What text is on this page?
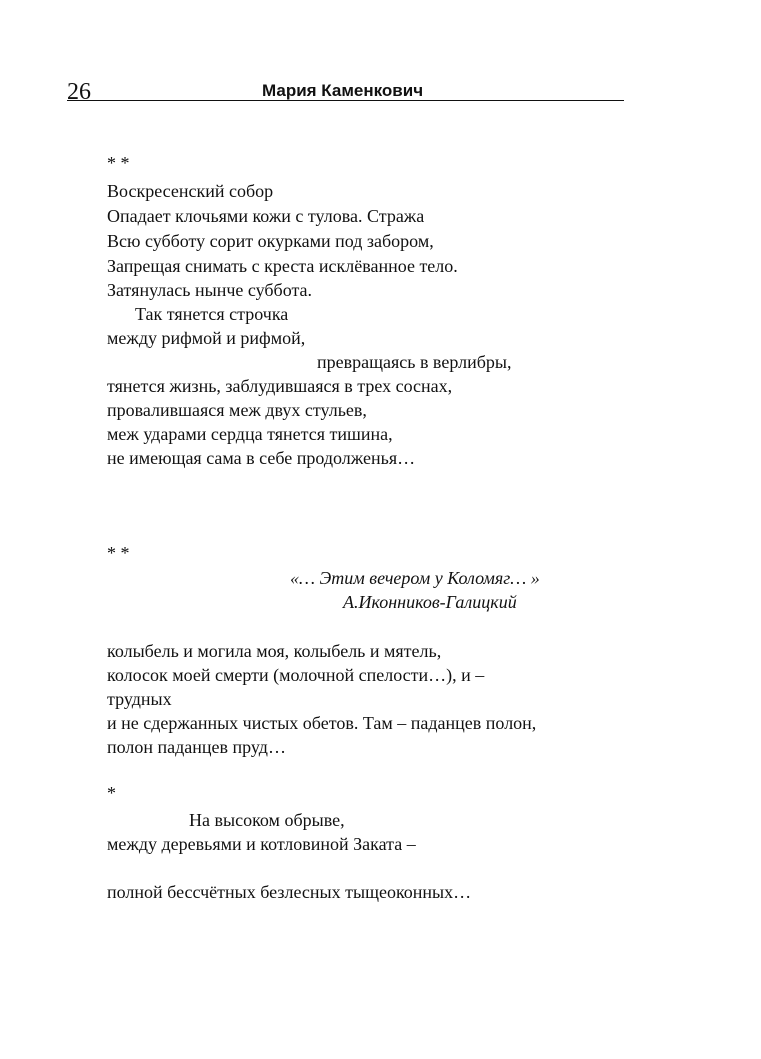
26	Мария Каменкович
* *
Воскресенский собор
Опадает клочьями кожи с тулова. Стража
Всю субботу сорит окурками под забором,
Запрещая снимать с креста исклёванное тело.
Затянулась нынче суббота.
Так тянется строчка
между рифмой и рифмой,
превращаясь в верлибры,
тянется жизнь, заблудившаяся в трех соснах,
провалившаяся меж двух стульев,
меж ударами сердца тянется тишина,
не имеющая сама в себе продолженья…
* *
«… Этим вечером у Коломяг… »
А.Иконников-Галицкий
колыбель и могила моя, колыбель и мятель,
колосок моей смерти (молочной спелости…), и –
трудных
и не сдержанных чистых обетов. Там – паданцев полон,
полон паданцев пруд…
*
На высоком обрыве,
между деревьями и котловиной Заката –
полной бессчётных безлесных тыщеоконных…
